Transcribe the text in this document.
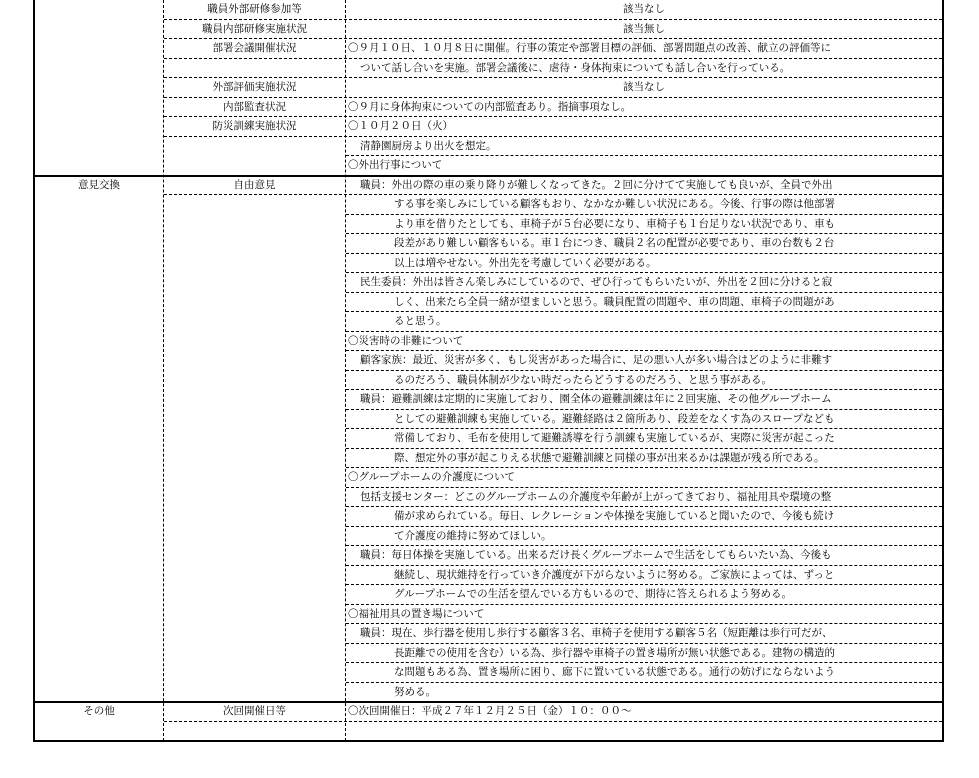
職員外部研修参加等	該当なし
職員内部研修実施状況	該当無し
部署会議開催状況	〇９月１０日、１０月８日に開催。行事の策定や部署目標の評価、部署問題点の改善、献立の評価等に
ついて話し合いを実施。部署会議後に、虐待・身体拘束についても話し合いを行っている。
外部評価実施状況	該当なし
内部監査状況	〇９月に身体拘束についての内部監査あり。指摘事項なし。
防災訓練実施状況	〇１０月２０日（火）
清静園厨房より出火を想定。
〇外出行事について
意見交換	自由意見	職員：外出の際の車の乗り降りが難しくなってきた。２回に分けてて実施しても良いが、全員で外出
する事を楽しみにしている顧客もおり、なかなか難しい状況にある。今後、行事の際は他部署
より車を借りたとしても、車椅子が５台必要になり、車椅子も１台足りない状況であり、車も
段差があり難しい顧客もいる。車１台につき、職員２名の配置が必要であり、車の台数も２台
以上は増やせない。外出先を考慮していく必要がある。
民生委員：外出は皆さん楽しみにしているので、ぜひ行ってもらいたいが、外出を２回に分けると寂
しく、出来たら全員一緒が望ましいと思う。職員配置の問題や、車の問題、車椅子の問題があ
ると思う。
〇災害時の非難について
顧客家族：最近、災害が多く、もし災害があった場合に、足の悪い人が多い場合はどのように非難す
るのだろう、職員体制が少ない時だったらどうするのだろう、と思う事がある。
職員：避難訓練は定期的に実施しており、園全体の避難訓練は年に２回実施、その他グループホーム
としての避難訓練も実施している。避難経路は２箇所あり、段差をなくす為のスロープなども
常備しており、毛布を使用して避難誘導を行う訓練も実施しているが、実際に災害が起こった
際、想定外の事が起こりえる状態で避難訓練と同様の事が出来るかは課題が残る所である。
〇グループホームの介護度について
包括支援センター：どこのグループホームの介護度や年齢が上がってきており、福祉用具や環境の整
備が求められている。毎日、レクレーションや体操を実施していると聞いたので、今後も続け
て介護度の維持に努めてほしい。
職員：毎日体操を実施している。出来るだけ長くグループホームで生活をしてもらいたい為、今後も
継続し、現状維持を行っていき介護度が下がらないように努める。ご家族によっては、ずっと
グループホームでの生活を望んでいる方もいるので、期待に答えられるよう努める。
〇福祉用具の置き場について
職員：現在、歩行器を使用し歩行する顧客３名、車椅子を使用する顧客５名（短距離は歩行可だが、
長距離での使用を含む）いる為、歩行器や車椅子の置き場所が無い状態である。建物の構造的
な問題もある為、置き場所に困り、廊下に置いている状態である。通行の妨げにならないよう
努める。
その他	次回開催日等	〇次回開催日：平成２７年１２月２５日（金）１０：００～
